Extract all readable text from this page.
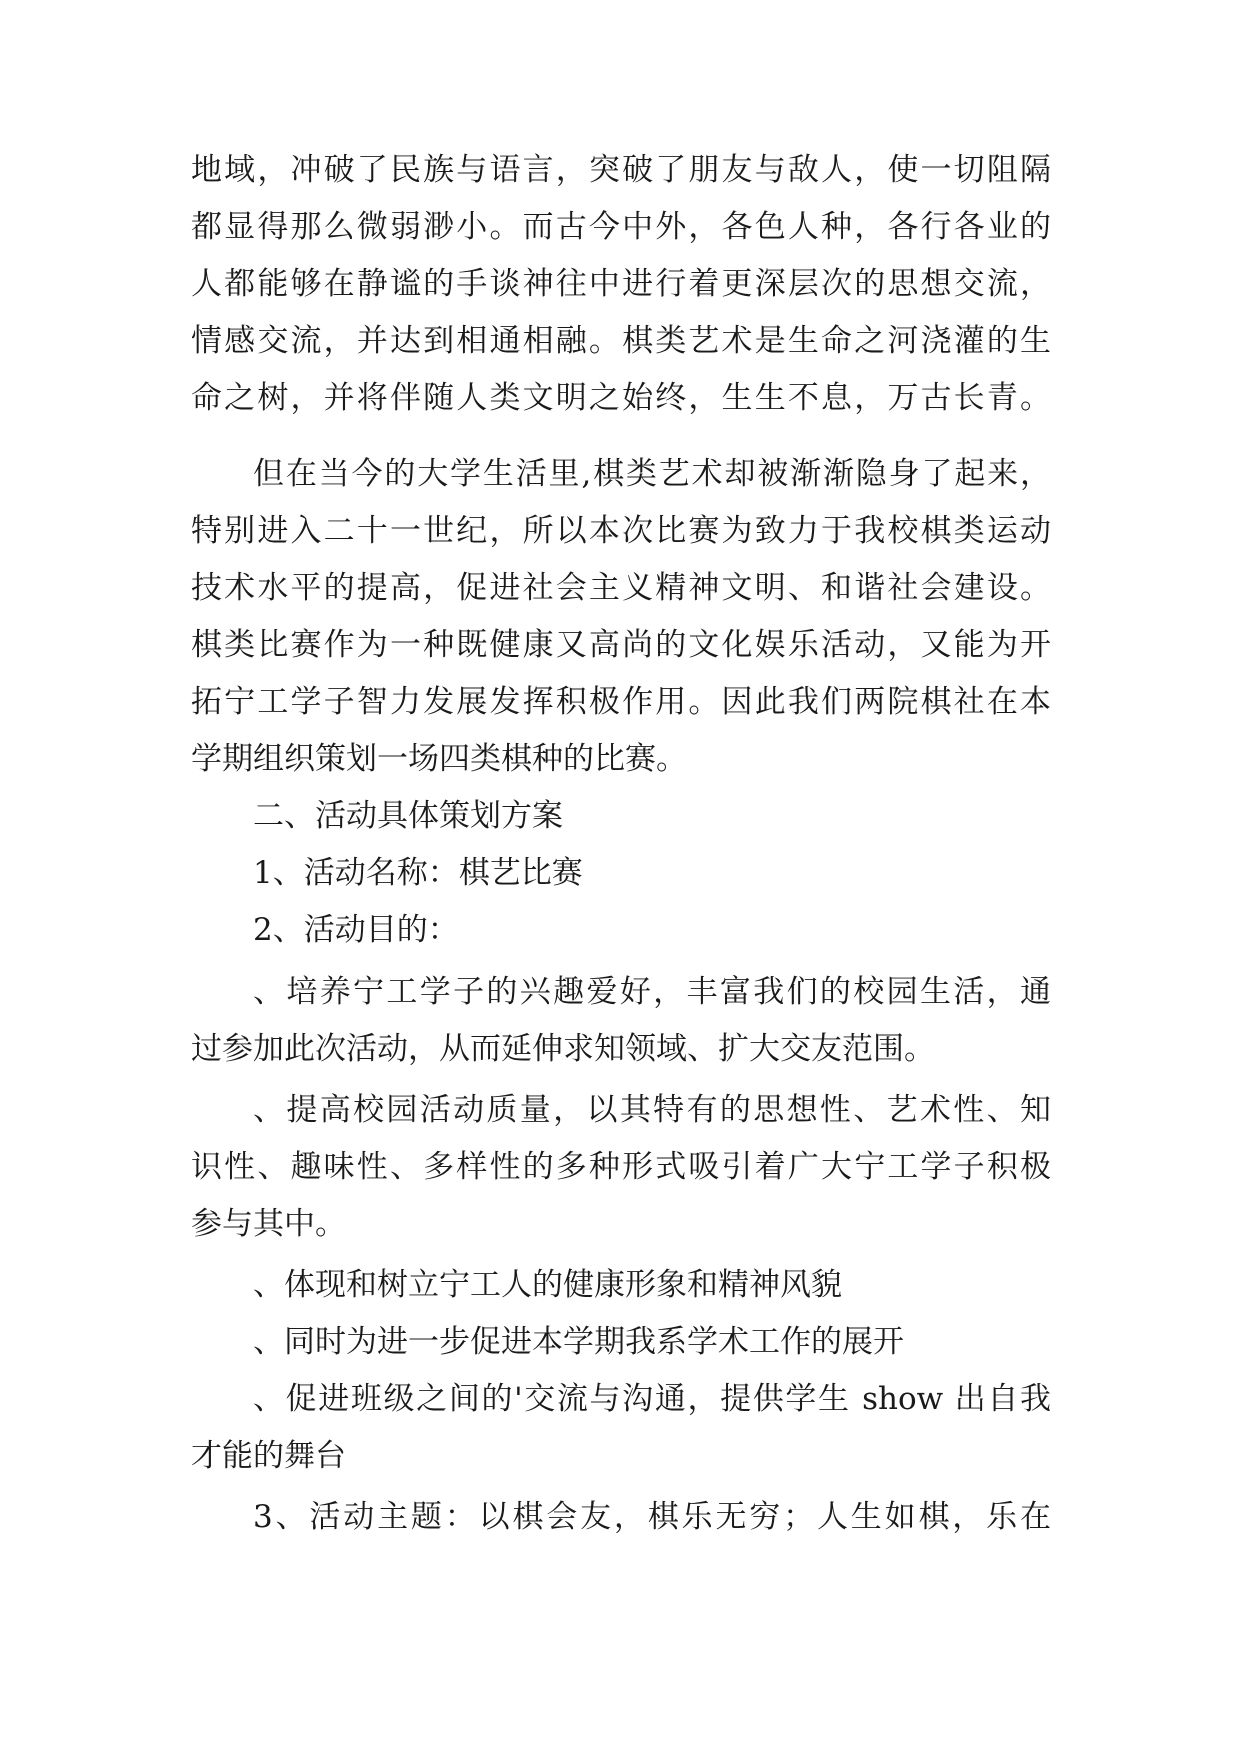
地域，冲破了民族与语言，突破了朋友与敌人，使一切阻隔
都显得那么微弱渺小。而古今中外，各色人种，各行各业的
人都能够在静谧的手谈神往中进行着更深层次的思想交流，
情感交流，并达到相通相融。棋类艺术是生命之河浇灌的生
命之树，并将伴随人类文明之始终，生生不息，万古长青。
但在当今的大学生活里,棋类艺术却被渐渐隐身了起来，
特别进入二十一世纪，所以本次比赛为致力于我校棋类运动
技术水平的提高，促进社会主义精神文明、和谐社会建设。
棋类比赛作为一种既健康又高尚的文化娱乐活动，又能为开
拓宁工学子智力发展发挥积极作用。因此我们两院棋社在本
学期组织策划一场四类棋种的比赛。
二、活动具体策划方案
1、活动名称：棋艺比赛
2、活动目的：
、培养宁工学子的兴趣爱好，丰富我们的校园生活，通
过参加此次活动，从而延伸求知领域、扩大交友范围。
、提高校园活动质量，以其特有的思想性、艺术性、知
识性、趣味性、多样性的多种形式吸引着广大宁工学子积极
参与其中。
、体现和树立宁工人的健康形象和精神风貌
、同时为进一步促进本学期我系学术工作的展开
、促进班级之间的'交流与沟通，提供学生 show 出自我
才能的舞台
3、活动主题：以棋会友，棋乐无穷；人生如棋，乐在
